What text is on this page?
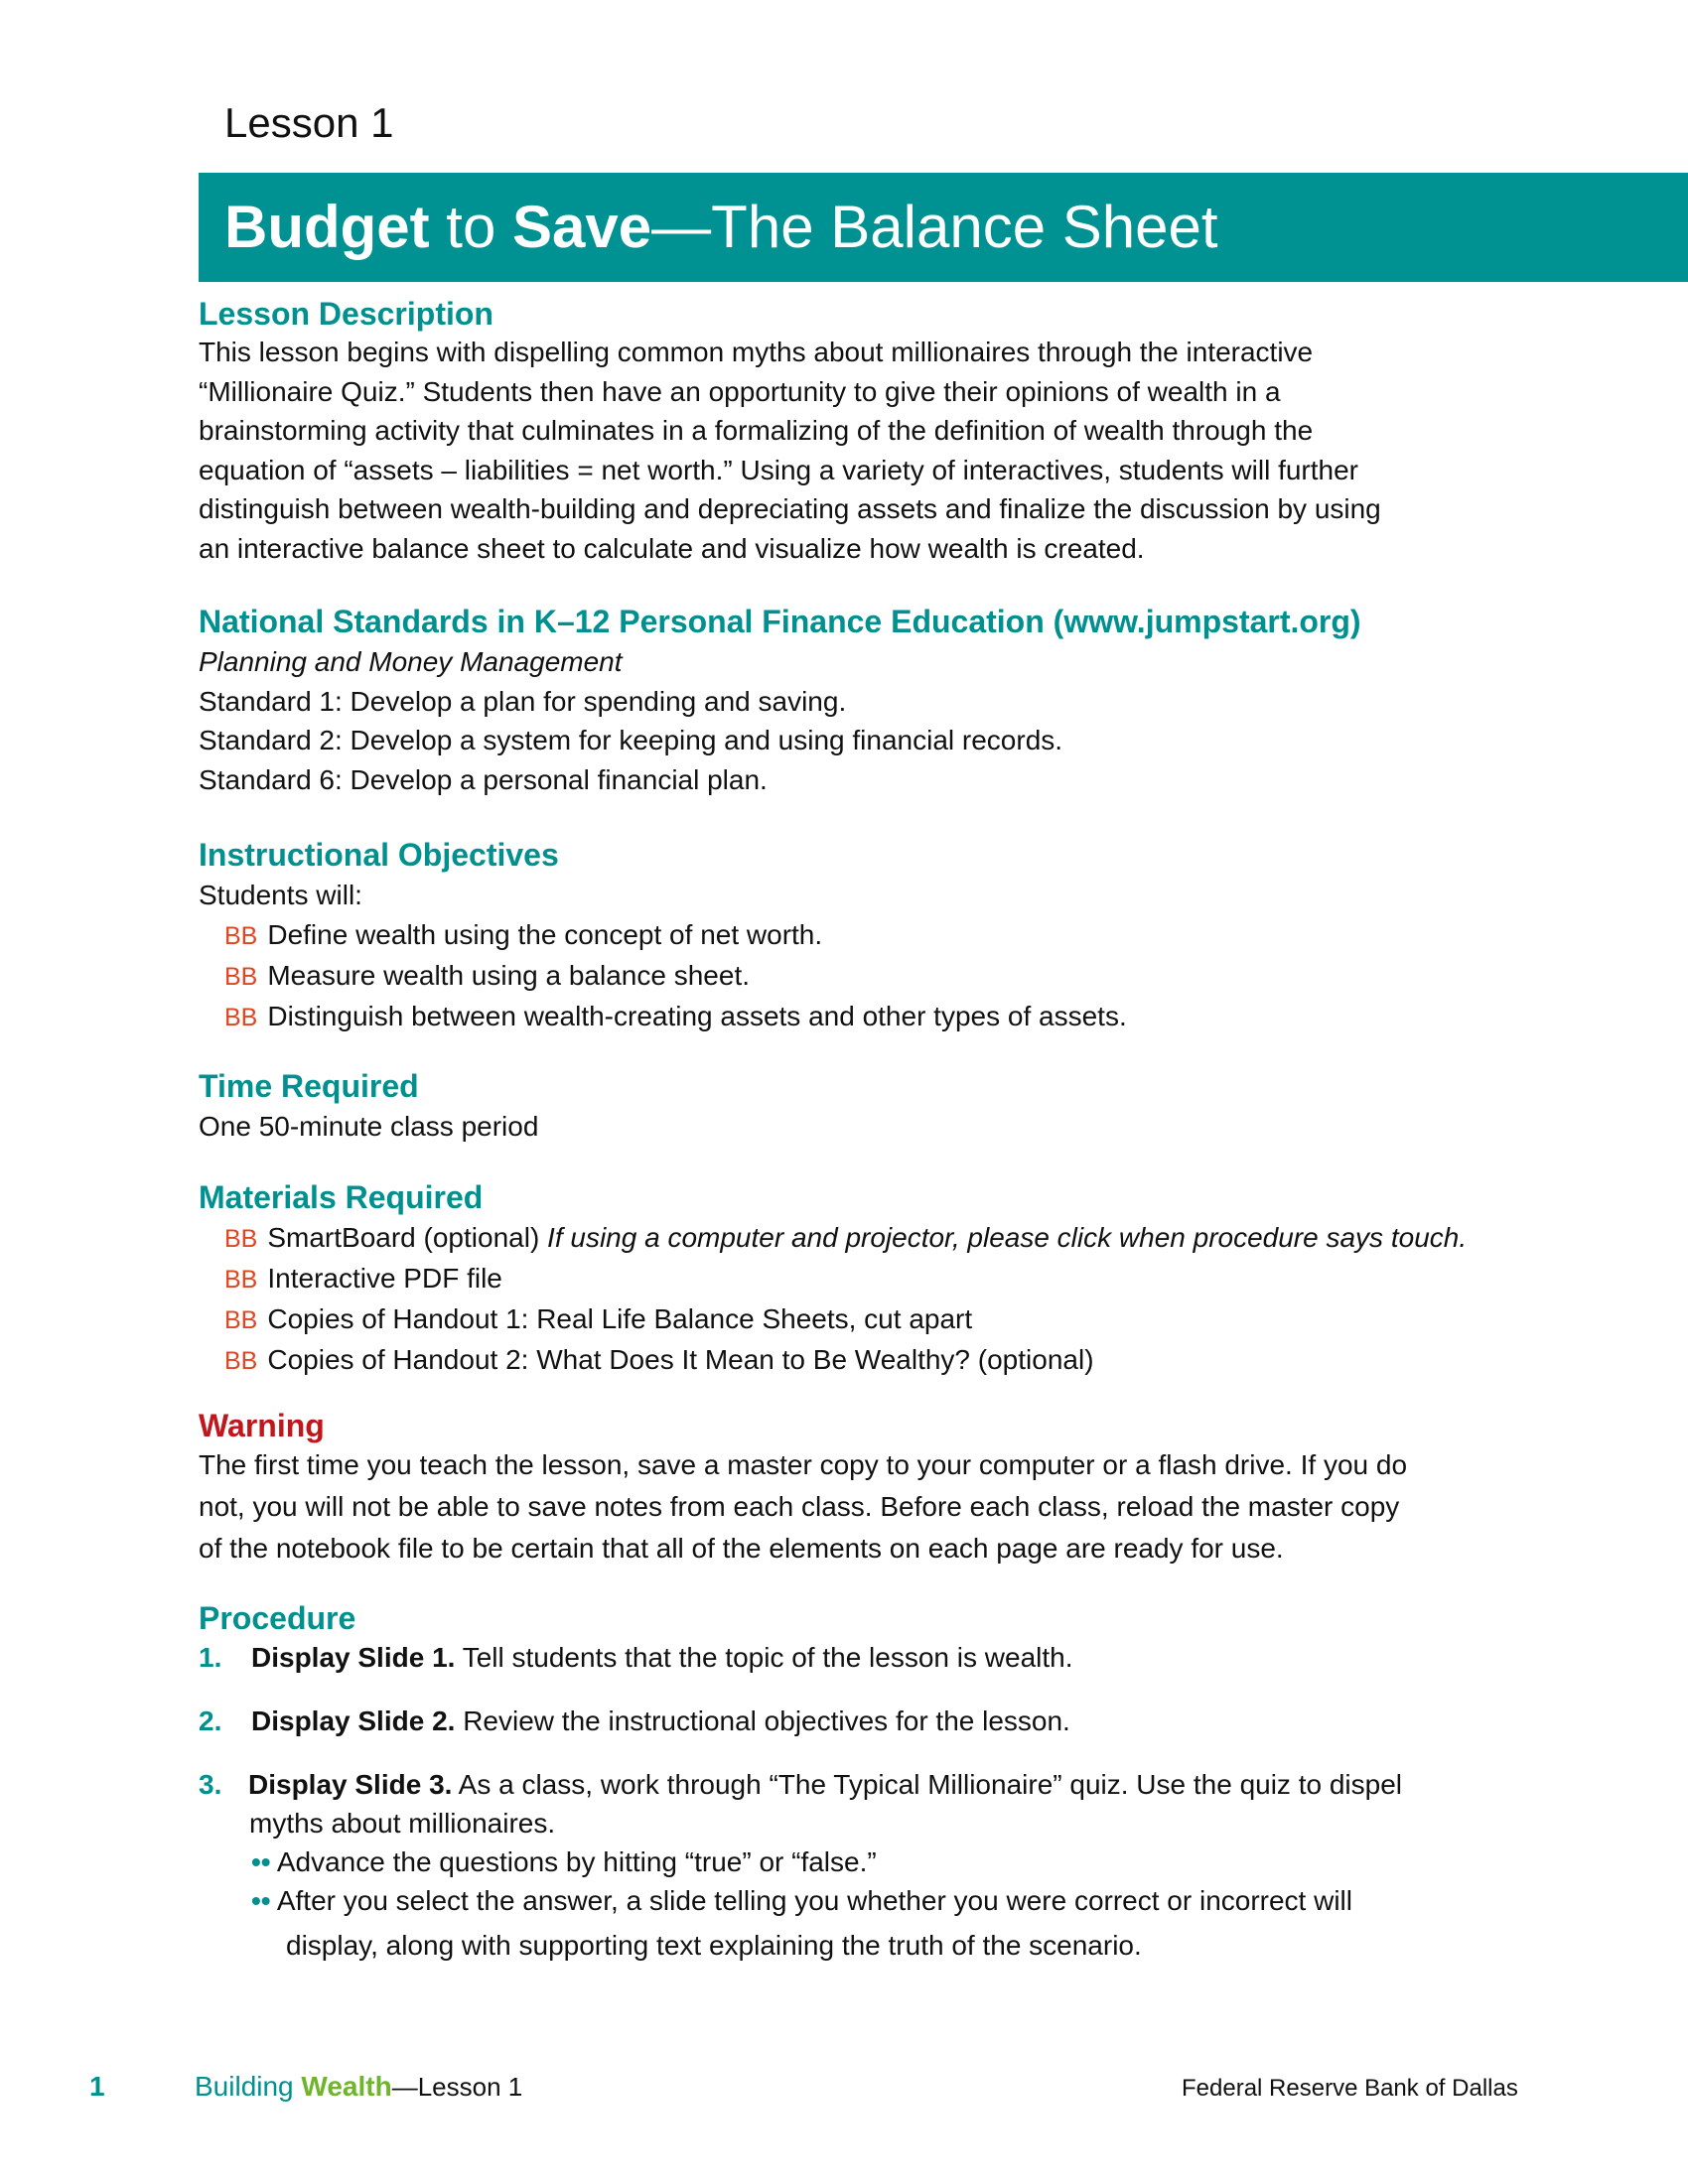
Lesson 1
Budget to Save—The Balance Sheet

Lesson Description

This lesson begins with dispelling common myths about millionaires through the interactive

“Millionaire Quiz.” Students then have an opportunity to give their opinions of wealth in a

brainstorming activity that culminates in a formalizing of the definition of wealth through the

equation of “assets – liabilities = net worth.” Using a variety of interactives, students will further

distinguish between wealth-building and depreciating assets and finalize the discussion by using

an interactive balance sheet to calculate and visualize how wealth is created.

National Standards in K–12 Personal Finance Education (www.jumpstart.org)

Planning and Money Management

Standard 1: Develop a plan for spending and saving.

Standard 2: Develop a system for keeping and using financial records.

Standard 6: Develop a personal financial plan.

Instructional Objectives

Students will:

BB Define wealth using the concept of net worth.

BB Measure wealth using a balance sheet.

BB Distinguish between wealth-creating assets and other types of assets.

Time Required

One 50-minute class period

Materials Required

BB SmartBoard (optional) If using a computer and projector, please click when procedure says touch.

BB Interactive PDF file

BB Copies of Handout 1: Real Life Balance Sheets, cut apart

BB Copies of Handout 2: What Does It Mean to Be Wealthy? (optional)

Warning

The first time you teach the lesson, save a master copy to your computer or a flash drive. If you do

not, you will not be able to save notes from each class. Before each class, reload the master copy

of the notebook file to be certain that all of the elements on each page are ready for use.

Procedure

1. Display Slide 1. Tell students that the topic of the lesson is wealth.
2. Display Slide 2. Review the instructional objectives for the lesson.
3. Display Slide 3. As a class, work through “The Typical Millionaire” quiz. Use the quiz to dispel
myths about millionaires.
•• Advance the questions by hitting “true” or “false.”
•• After you select the answer, a slide telling you whether you were correct or incorrect will
display, along with supporting text explaining the truth of the scenario.
1	Building Wealth—Lesson 1	Federal Reserve Bank of Dallas
